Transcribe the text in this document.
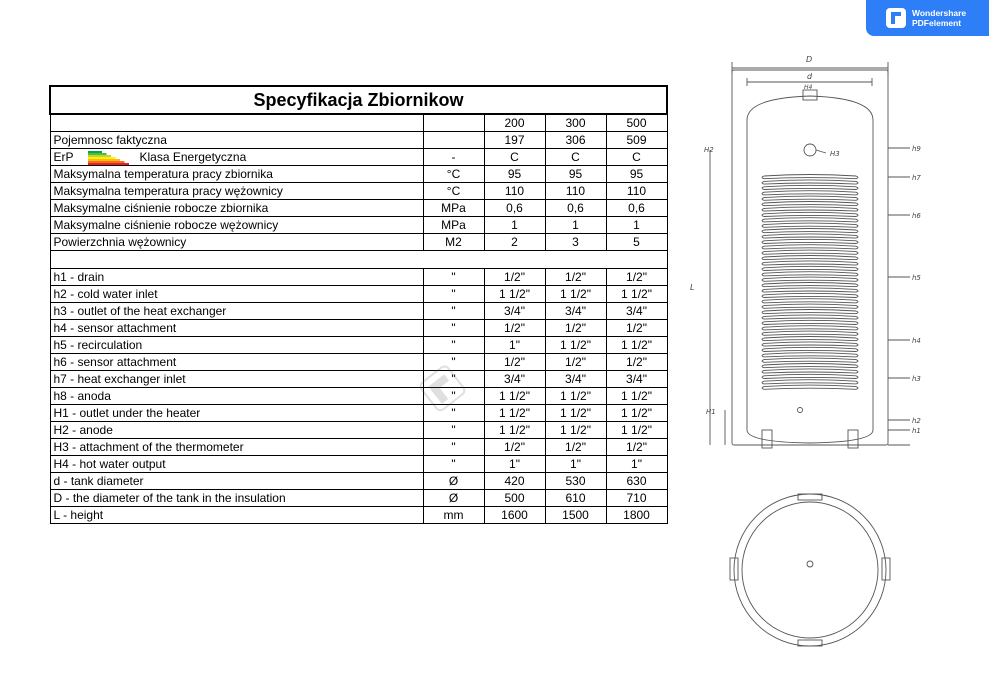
Wondershare
PDFelement
Specyfikacja Zbiornikow				
		200	300	500
Pojemnosc faktyczna		197	306	509
ErP Klasa Energetyczna	-	C	C	C
Maksymalna temperatura pracy zbiornika	°C	95	95	95
Maksymalna temperatura pracy wężownicy	°C	110	110	110
Maksymalne ciśnienie robocze zbiornika	MPa	0,6	0,6	0,6
Maksymalne ciśnienie robocze wężownicy	MPa	1	1	1
Powierzchnia wężownicy	M2	2	3	5

h1 - drain	"	1/2"	1/2"	1/2"
h2 - cold water inlet	"	1 1/2"	1 1/2"	1 1/2"
h3 - outlet of the heat exchanger	"	3/4"	3/4"	3/4"
h4 - sensor attachment	"	1/2"	1/2"	1/2"
h5 - recirculation	"	1"	1 1/2"	1 1/2"
h6 - sensor attachment	"	1/2"	1/2"	1/2"
h7 - heat exchanger inlet	"	3/4"	3/4"	3/4"
h8 - anoda	"	1 1/2"	1 1/2"	1 1/2"
H1 - outlet under the heater	"	1 1/2"	1 1/2"	1 1/2"
H2 - anode	"	1 1/2"	1 1/2"	1 1/2"
H3 - attachment of the thermometer	"	1/2"	1/2"	1/2"
H4 - hot water output	"	1"	1"	1"
d - tank diameter	Ø	420	530	630
D - the diameter of the tank in the insulation	Ø	500	610	710
L - height	mm	1600	1500	1800
D
d
H4
H3
H2
H1
L
h9
h7
h6
h5
h4
h3
h2
h1
